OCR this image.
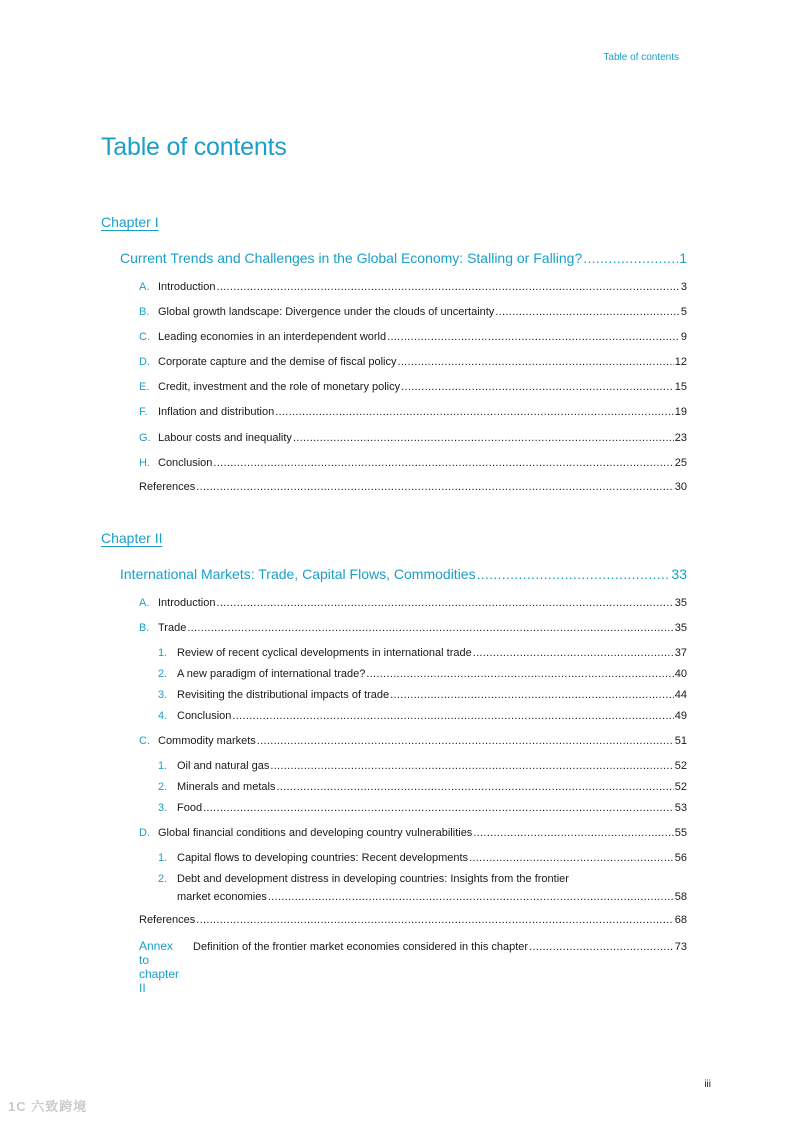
Table of contents
Table of contents
Chapter I
Current Trends and Challenges in the Global Economy: Stalling or Falling? .....	1
A. Introduction .....	3
B. Global growth landscape: Divergence under the clouds of uncertainty .....	5
C. Leading economies in an interdependent world .....	9
D. Corporate capture and the demise of fiscal policy .....	12
E. Credit, investment and the role of monetary policy .....	15
F. Inflation and distribution .....	19
G. Labour costs and inequality .....	23
H. Conclusion .....	25
References .....	30
Chapter II
International Markets: Trade, Capital Flows, Commodities .....	33
A. Introduction .....	35
B. Trade .....	35
1. Review of recent cyclical developments in international trade .....	37
2. A new paradigm of international trade? .....	40
3. Revisiting the distributional impacts of trade .....	44
4. Conclusion .....	49
C. Commodity markets .....	51
1. Oil and natural gas .....	52
2. Minerals and metals .....	52
3. Food .....	53
D. Global financial conditions and developing country vulnerabilities .....	55
1. Capital flows to developing countries: Recent developments .....	56
2. Debt and development distress in developing countries: Insights from the frontier
market economies .....	58
References .....	68
Annex to chapter II
Definition of the frontier market economies considered in this chapter .....	73
iii
1C 六致跨境
